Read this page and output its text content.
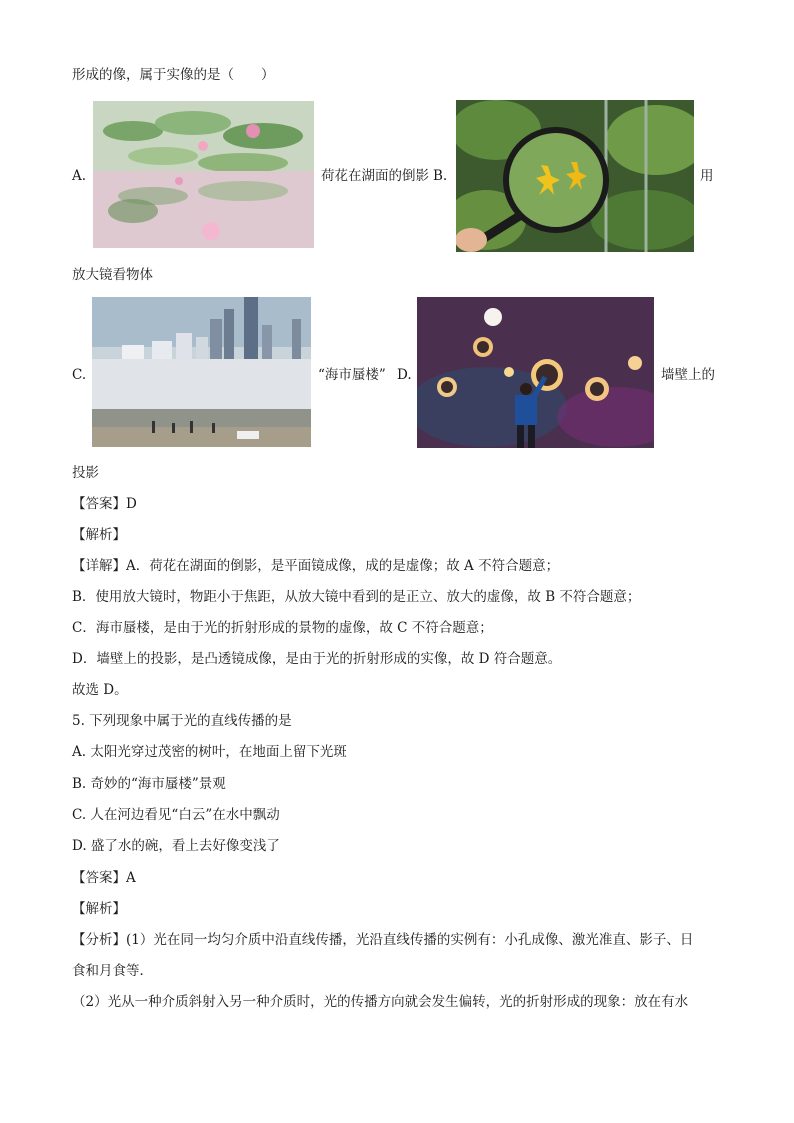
形成的像，属于实像的是（　　）
A.	荷花在湖面的倒影 B.	用
放大镜看物体
C.	“海市蜃楼” D.	墙壁上的
投影
【答案】D
【解析】
【详解】A．荷花在湖面的倒影，是平面镜成像，成的是虚像；故 A 不符合题意；
B．使用放大镜时，物距小于焦距，从放大镜中看到的是正立、放大的虚像，故 B 不符合题意；
C．海市蜃楼，是由于光的折射形成的景物的虚像，故 C 不符合题意；
D．墙壁上的投影，是凸透镜成像，是由于光的折射形成的实像，故 D 符合题意。
故选 D。
5. 下列现象中属于光的直线传播的是
A. 太阳光穿过茂密的树叶，在地面上留下光斑
B. 奇妙的“海市蜃楼”景观
C. 人在河边看见“白云”在水中飘动
D. 盛了水的碗，看上去好像变浅了
【答案】A
【解析】
【分析】(1）光在同一均匀介质中沿直线传播，光沿直线传播的实例有：小孔成像、激光准直、影子、日
食和月食等．
（2）光从一种介质斜射入另一种介质时，光的传播方向就会发生偏转，光的折射形成的现象：放在有水
